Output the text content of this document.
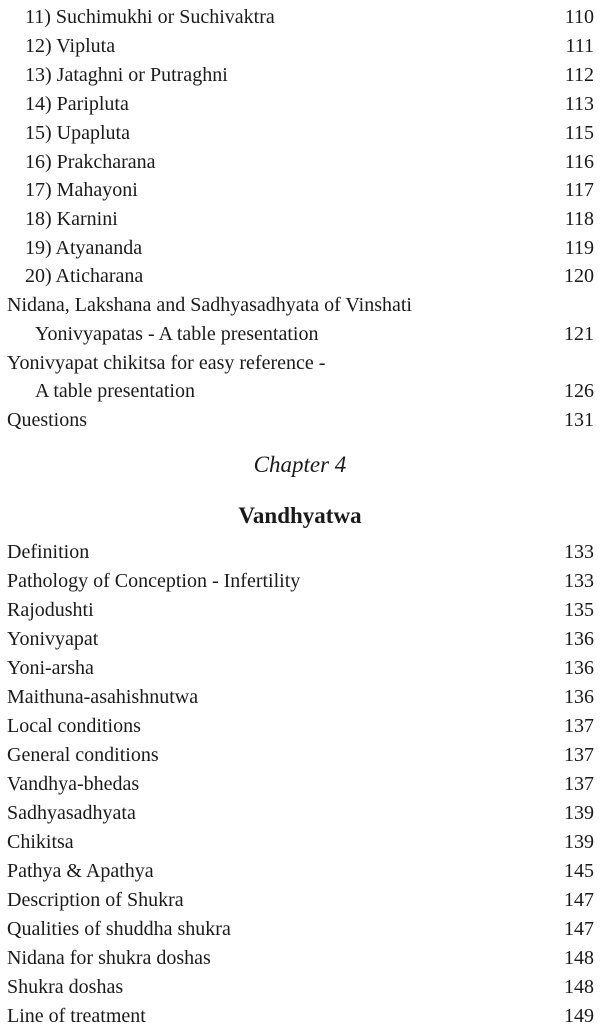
11) Suchimukhi or Suchivaktra	110
12) Vipluta	111
13) Jataghni or Putraghni	112
14) Paripluta	113
15) Upapluta	115
16) Prakcharana	116
17) Mahayoni	117
18) Karnini	118
19) Atyananda	119
20) Aticharana	120
Nidana, Lakshana and Sadhyasadhyata of Vinshati
Yonivyapatas - A table presentation	121
Yonivyapat chikitsa for easy reference -
A table presentation	126
Questions	131
Chapter 4
Vandhyatwa
Definition	133
Pathology of Conception - Infertility	133
Rajodushti	135
Yonivyapat	136
Yoni-arsha	136
Maithuna-asahishnutwa	136
Local conditions	137
General conditions	137
Vandhya-bhedas	137
Sadhyasadhyata	139
Chikitsa	139
Pathya & Apathya	145
Description of Shukra	147
Qualities of shuddha shukra	147
Nidana for shukra doshas	148
Shukra doshas	148
Line of treatment	149
